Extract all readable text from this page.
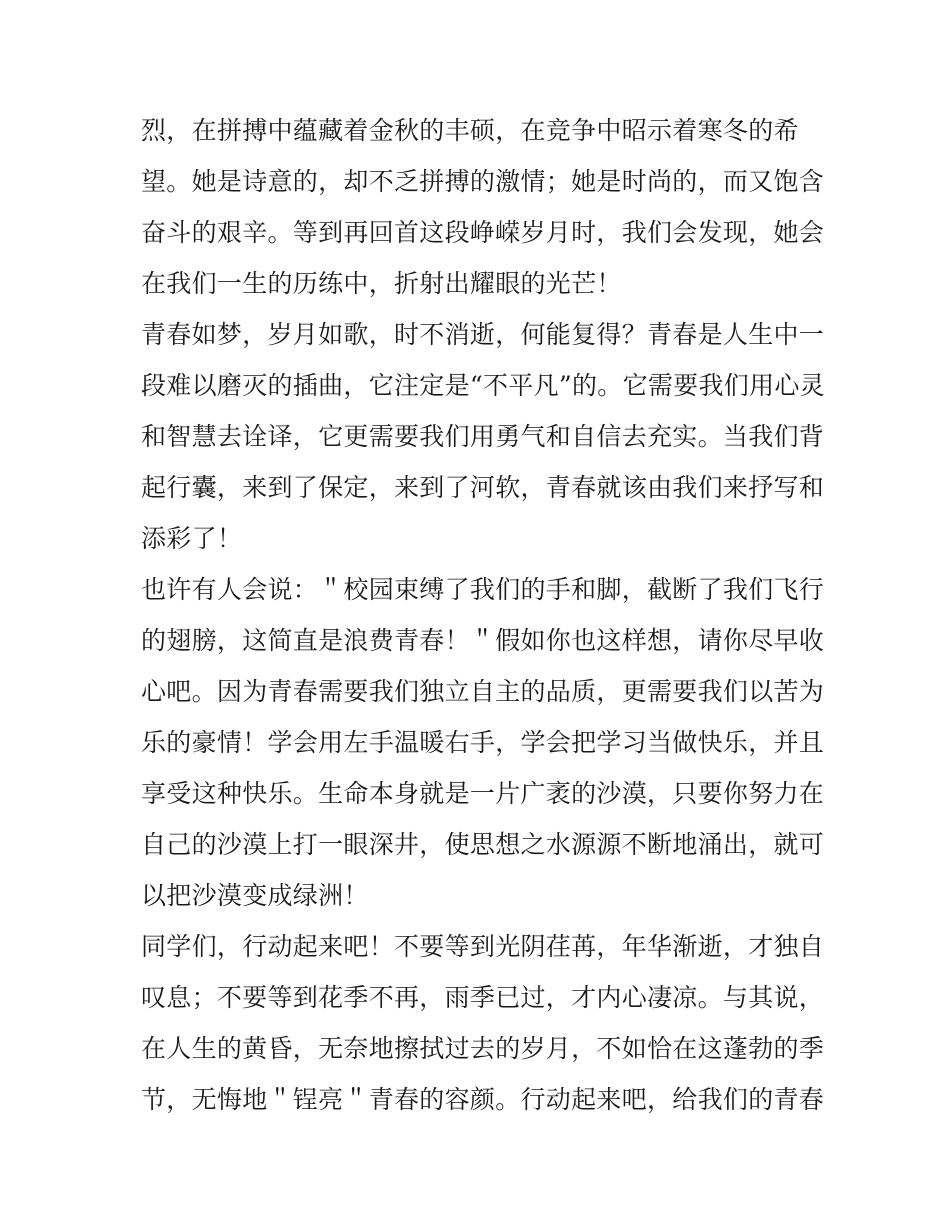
烈，在拼搏中蕴藏着金秋的丰硕，在竞争中昭示着寒冬的希
望。她是诗意的，却不乏拼搏的激情；她是时尚的，而又饱含
奋斗的艰辛。等到再回首这段峥嵘岁月时，我们会发现，她会
在我们一生的历练中，折射出耀眼的光芒！
青春如梦，岁月如歌，时不消逝，何能复得？青春是人生中一
段难以磨灭的插曲，它注定是“不平凡”的。它需要我们用心灵
和智慧去诠译，它更需要我们用勇气和自信去充实。当我们背
起行囊，来到了保定，来到了河软，青春就该由我们来抒写和
添彩了！
也许有人会说：＂校园束缚了我们的手和脚，截断了我们飞行
的翅膀，这简直是浪费青春！＂假如你也这样想，请你尽早收
心吧。因为青春需要我们独立自主的品质，更需要我们以苦为
乐的豪情！学会用左手温暖右手，学会把学习当做快乐，并且
享受这种快乐。生命本身就是一片广袤的沙漠，只要你努力在
自己的沙漠上打一眼深井，使思想之水源源不断地涌出，就可
以把沙漠变成绿洲！
同学们，行动起来吧！不要等到光阴荏苒，年华渐逝，才独自
叹息；不要等到花季不再，雨季已过，才内心凄凉。与其说，
在人生的黄昏，无奈地擦拭过去的岁月，不如恰在这蓬勃的季
节，无悔地＂锃亮＂青春的容颜。行动起来吧，给我们的青春
